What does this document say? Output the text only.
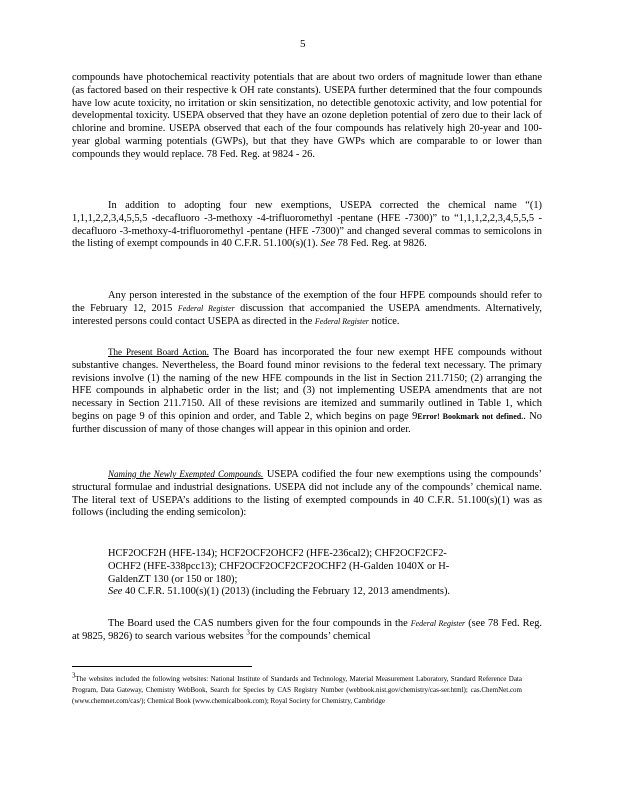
5

compounds have photochemical reactivity potentials that are about two orders of magnitude lower than ethane (as factored based on their respective k OH rate constants). USEPA further determined that the four compounds have low acute toxicity, no irritation or skin sensitization, no detectible genotoxic activity, and low potential for developmental toxicity. USEPA observed that they have an ozone depletion potential of zero due to their lack of chlorine and bromine. USEPA observed that each of the four compounds has relatively high 20-year and 100-year global warming potentials (GWPs), but that they have GWPs which are comparable to or lower than compounds they would replace. 78 Fed. Reg. at 9824 - 26.

In addition to adopting four new exemptions, USEPA corrected the chemical name “(1) 1,1,1,2,2,3,4,5,5,5 -decafluoro -3-methoxy -4-trifluoromethyl -pentane (HFE -7300)” to “1,1,1,2,2,3,4,5,5,5 -decafluoro -3-methoxy-4-trifluoromethyl -pentane (HFE -7300)” and changed several commas to semicolons in the listing of exempt compounds in 40 C.F.R. 51.100(s)(1). See 78 Fed. Reg. at 9826.

Any person interested in the substance of the exemption of the four HFPE compounds should refer to the February 12, 2015 Federal Register discussion that accompanied the USEPA amendments. Alternatively, interested persons could contact USEPA as directed in the Federal Register notice.

The Present Board Action. The Board has incorporated the four new exempt HFE compounds without substantive changes. Nevertheless, the Board found minor revisions to the federal text necessary. The primary revisions involve (1) the naming of the new HFE compounds in the list in Section 211.7150; (2) arranging the HFE compounds in alphabetic order in the list; and (3) not implementing USEPA amendments that are not necessary in Section 211.7150. All of these revisions are itemized and summarily outlined in Table 1, which begins on page 9 of this opinion and order, and Table 2, which begins on page 9Error! Bookmark not defined.. No further discussion of many of those changes will appear in this opinion and order.

Naming the Newly Exempted Compounds. USEPA codified the four new exemptions using the compounds’ structural formulae and industrial designations. USEPA did not include any of the compounds’ chemical name. The literal text of USEPA’s additions to the listing of exempted compounds in 40 C.F.R. 51.100(s)(1) was as follows (including the ending semicolon):

HCF2OCF2H (HFE-134); HCF2OCF2OHCF2 (HFE-236cal2); CHF2OCF2CF2-
OCHF2 (HFE-338pcc13); CHF2OCF2OCF2CF2OCHF2 (H-Galden 1040X or H-
GaldenZT 130 (or 150 or 180);
See 40 C.F.R. 51.100(s)(1) (2013) (including the February 12, 2013 amendments).

The Board used the CAS numbers given for the four compounds in the Federal Register (see 78 Fed. Reg. at 9825, 9826) to search various websites $^3$for the compounds’ chemical

$^3$The websites included the following websites: National Institute of Standards and Technology, Material Measurement Laboratory, Standard Reference Data Program, Data Gateway, Chemistry WebBook, Search for Species by CAS Registry Number (webbook.nist.gov/chemistry/cas-ser.html); cas.ChemNet.com (www.chemnet.com/cas/); Chemical Book (www.chemicalbook.com); Royal Society for Chemistry, Cambridge
